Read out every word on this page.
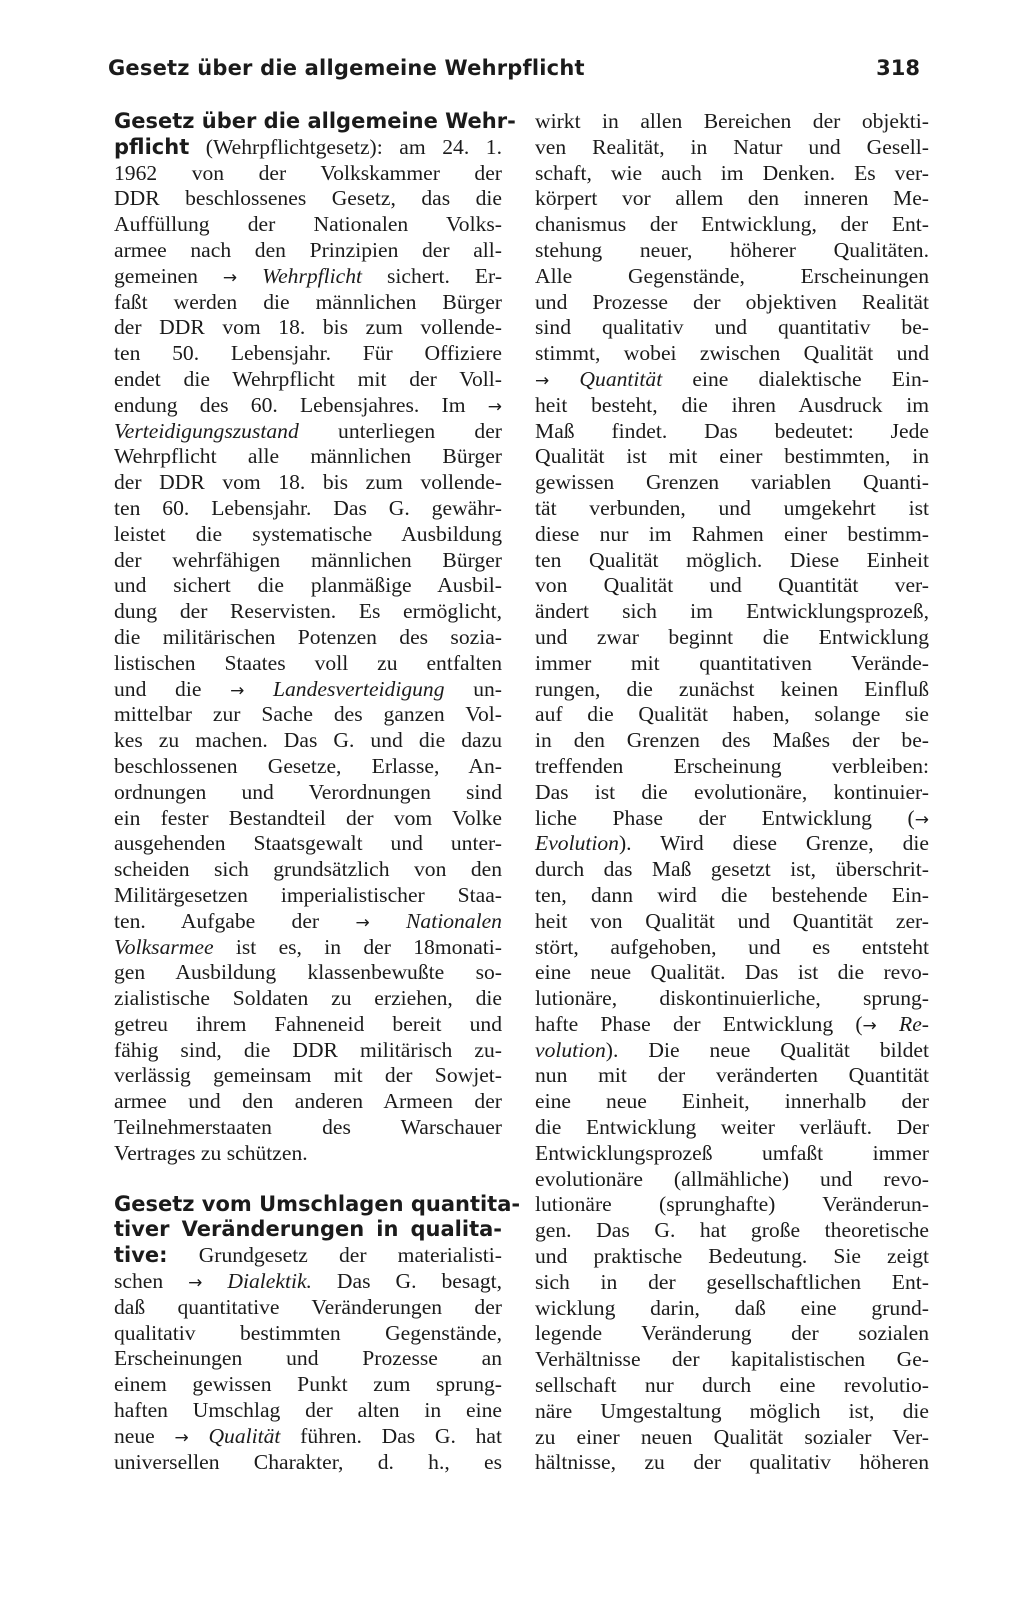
Gesetz über die allgemeine Wehrpflicht	318
Gesetz über die allgemeine Wehr-
pflicht (Wehrpflichtgesetz): am 24. 1.
1962 von der Volkskammer der
DDR beschlossenes Gesetz, das die
Auffüllung der Nationalen Volks-
armee nach den Prinzipien der all-
gemeinen → Wehrpflicht sichert. Er-
faßt werden die männlichen Bürger
der DDR vom 18. bis zum vollende-
ten 50. Lebensjahr. Für Offiziere
endet die Wehrpflicht mit der Voll-
endung des 60. Lebensjahres. Im →
Verteidigungszustand unterliegen der
Wehrpflicht alle männlichen Bürger
der DDR vom 18. bis zum vollende-
ten 60. Lebensjahr. Das G. gewähr-
leistet die systematische Ausbildung
der wehrfähigen männlichen Bürger
und sichert die planmäßige Ausbil-
dung der Reservisten. Es ermöglicht,
die militärischen Potenzen des sozia-
listischen Staates voll zu entfalten
und die → Landesverteidigung un-
mittelbar zur Sache des ganzen Vol-
kes zu machen. Das G. und die dazu
beschlossenen Gesetze, Erlasse, An-
ordnungen und Verordnungen sind
ein fester Bestandteil der vom Volke
ausgehenden Staatsgewalt und unter-
scheiden sich grundsätzlich von den
Militärgesetzen imperialistischer Staa-
ten. Aufgabe der → Nationalen
Volksarmee ist es, in der 18monati-
gen Ausbildung klassenbewußte so-
zialistische Soldaten zu erziehen, die
getreu ihrem Fahneneid bereit und
fähig sind, die DDR militärisch zu-
verlässig gemeinsam mit der Sowjet-
armee und den anderen Armeen der
Teilnehmerstaaten des Warschauer
Vertrages zu schützen.
Gesetz vom Umschlagen quantita-
tiver Veränderungen in qualita-
tive: Grundgesetz der materialisti-
schen → Dialektik. Das G. besagt,
daß quantitative Veränderungen der
qualitativ bestimmten Gegenstände,
Erscheinungen und Prozesse an
einem gewissen Punkt zum sprung-
haften Umschlag der alten in eine
neue → Qualität führen. Das G. hat
universellen Charakter, d. h., es
wirkt in allen Bereichen der objekti-
ven Realität, in Natur und Gesell-
schaft, wie auch im Denken. Es ver-
körpert vor allem den inneren Me-
chanismus der Entwicklung, der Ent-
stehung neuer, höherer Qualitäten.
Alle Gegenstände, Erscheinungen
und Prozesse der objektiven Realität
sind qualitativ und quantitativ be-
stimmt, wobei zwischen Qualität und
→ Quantität eine dialektische Ein-
heit besteht, die ihren Ausdruck im
Maß findet. Das bedeutet: Jede
Qualität ist mit einer bestimmten, in
gewissen Grenzen variablen Quanti-
tät verbunden, und umgekehrt ist
diese nur im Rahmen einer bestimm-
ten Qualität möglich. Diese Einheit
von Qualität und Quantität ver-
ändert sich im Entwicklungsprozeß,
und zwar beginnt die Entwicklung
immer mit quantitativen Verände-
rungen, die zunächst keinen Einfluß
auf die Qualität haben, solange sie
in den Grenzen des Maßes der be-
treffenden Erscheinung verbleiben:
Das ist die evolutionäre, kontinuier-
liche Phase der Entwicklung (→
Evolution). Wird diese Grenze, die
durch das Maß gesetzt ist, überschrit-
ten, dann wird die bestehende Ein-
heit von Qualität und Quantität zer-
stört, aufgehoben, und es entsteht
eine neue Qualität. Das ist die revo-
lutionäre, diskontinuierliche, sprung-
hafte Phase der Entwicklung (→ Re-
volution). Die neue Qualität bildet
nun mit der veränderten Quantität
eine neue Einheit, innerhalb der
die Entwicklung weiter verläuft. Der
Entwicklungsprozeß umfaßt immer
evolutionäre (allmähliche) und revo-
lutionäre (sprunghafte) Veränderun-
gen. Das G. hat große theoretische
und praktische Bedeutung. Sie zeigt
sich in der gesellschaftlichen Ent-
wicklung darin, daß eine grund-
legende Veränderung der sozialen
Verhältnisse der kapitalistischen Ge-
sellschaft nur durch eine revolutio-
näre Umgestaltung möglich ist, die
zu einer neuen Qualität sozialer Ver-
hältnisse, zu der qualitativ höheren
